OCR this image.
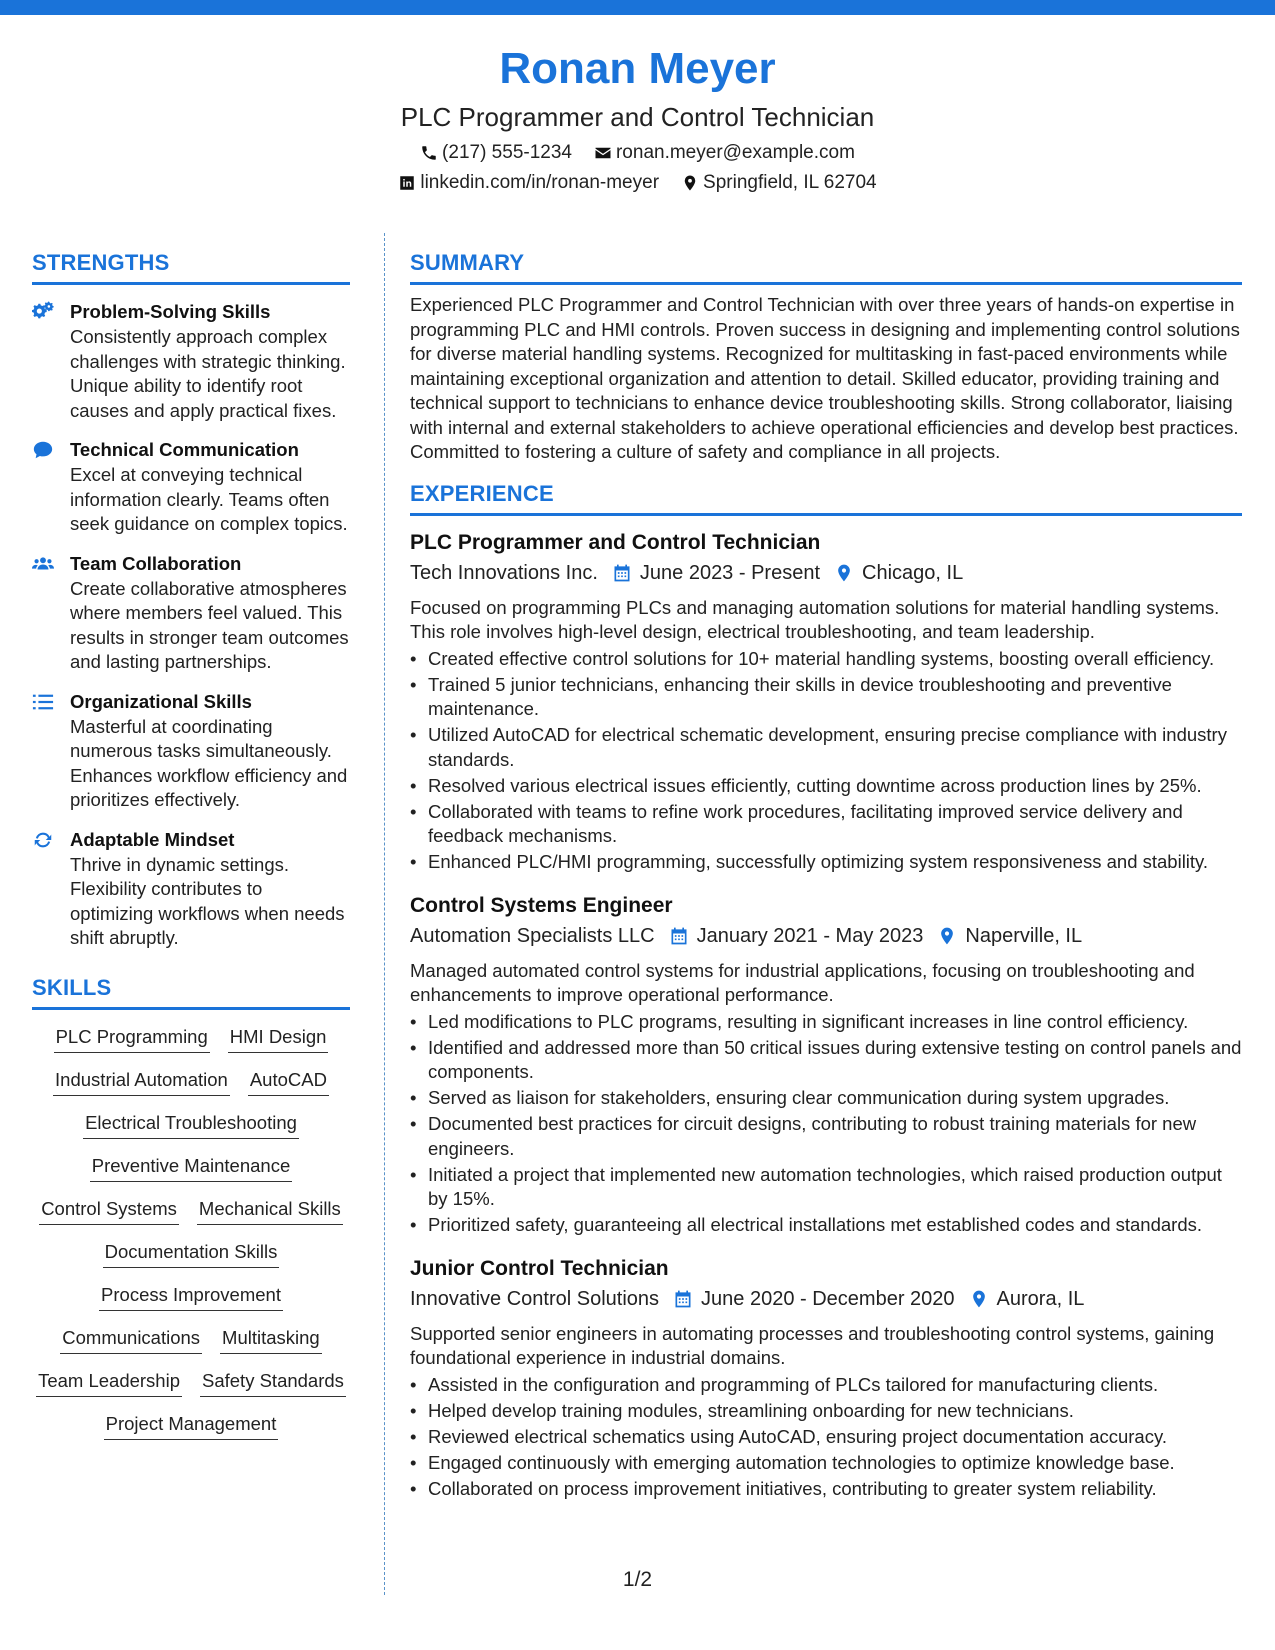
Ronan Meyer
PLC Programmer and Control Technician
(217) 555-1234 ronan.meyer@example.com
linkedin.com/in/ronan-meyer Springfield, IL 62704
STRENGTHS
Problem-Solving Skills
Consistently approach complex challenges with strategic thinking. Unique ability to identify root causes and apply practical fixes.
Technical Communication
Excel at conveying technical information clearly. Teams often seek guidance on complex topics.
Team Collaboration
Create collaborative atmospheres where members feel valued. This results in stronger team outcomes and lasting partnerships.
Organizational Skills
Masterful at coordinating numerous tasks simultaneously. Enhances workflow efficiency and prioritizes effectively.
Adaptable Mindset
Thrive in dynamic settings. Flexibility contributes to optimizing workflows when needs shift abruptly.
SKILLS
PLC Programming HMI Design
Industrial Automation AutoCAD
Electrical Troubleshooting
Preventive Maintenance
Control Systems Mechanical Skills
Documentation Skills
Process Improvement
Communications Multitasking
Team Leadership Safety Standards
Project Management
SUMMARY
Experienced PLC Programmer and Control Technician with over three years of hands-on expertise in programming PLC and HMI controls. Proven success in designing and implementing control solutions for diverse material handling systems. Recognized for multitasking in fast-paced environments while maintaining exceptional organization and attention to detail. Skilled educator, providing training and technical support to technicians to enhance device troubleshooting skills. Strong collaborator, liaising with internal and external stakeholders to achieve operational efficiencies and develop best practices. Committed to fostering a culture of safety and compliance in all projects.
EXPERIENCE
PLC Programmer and Control Technician
Tech Innovations Inc. June 2023 - Present Chicago, IL
Focused on programming PLCs and managing automation solutions for material handling systems. This role involves high-level design, electrical troubleshooting, and team leadership.
• Created effective control solutions for 10+ material handling systems, boosting overall efficiency.
• Trained 5 junior technicians, enhancing their skills in device troubleshooting and preventive maintenance.
• Utilized AutoCAD for electrical schematic development, ensuring precise compliance with industry standards.
• Resolved various electrical issues efficiently, cutting downtime across production lines by 25%.
• Collaborated with teams to refine work procedures, facilitating improved service delivery and feedback mechanisms.
• Enhanced PLC/HMI programming, successfully optimizing system responsiveness and stability.
Control Systems Engineer
Automation Specialists LLC January 2021 - May 2023 Naperville, IL
Managed automated control systems for industrial applications, focusing on troubleshooting and enhancements to improve operational performance.
• Led modifications to PLC programs, resulting in significant increases in line control efficiency.
• Identified and addressed more than 50 critical issues during extensive testing on control panels and components.
• Served as liaison for stakeholders, ensuring clear communication during system upgrades.
• Documented best practices for circuit designs, contributing to robust training materials for new engineers.
• Initiated a project that implemented new automation technologies, which raised production output by 15%.
• Prioritized safety, guaranteeing all electrical installations met established codes and standards.
Junior Control Technician
Innovative Control Solutions June 2020 - December 2020 Aurora, IL
Supported senior engineers in automating processes and troubleshooting control systems, gaining foundational experience in industrial domains.
• Assisted in the configuration and programming of PLCs tailored for manufacturing clients.
• Helped develop training modules, streamlining onboarding for new technicians.
• Reviewed electrical schematics using AutoCAD, ensuring project documentation accuracy.
• Engaged continuously with emerging automation technologies to optimize knowledge base.
• Collaborated on process improvement initiatives, contributing to greater system reliability.
1/2
